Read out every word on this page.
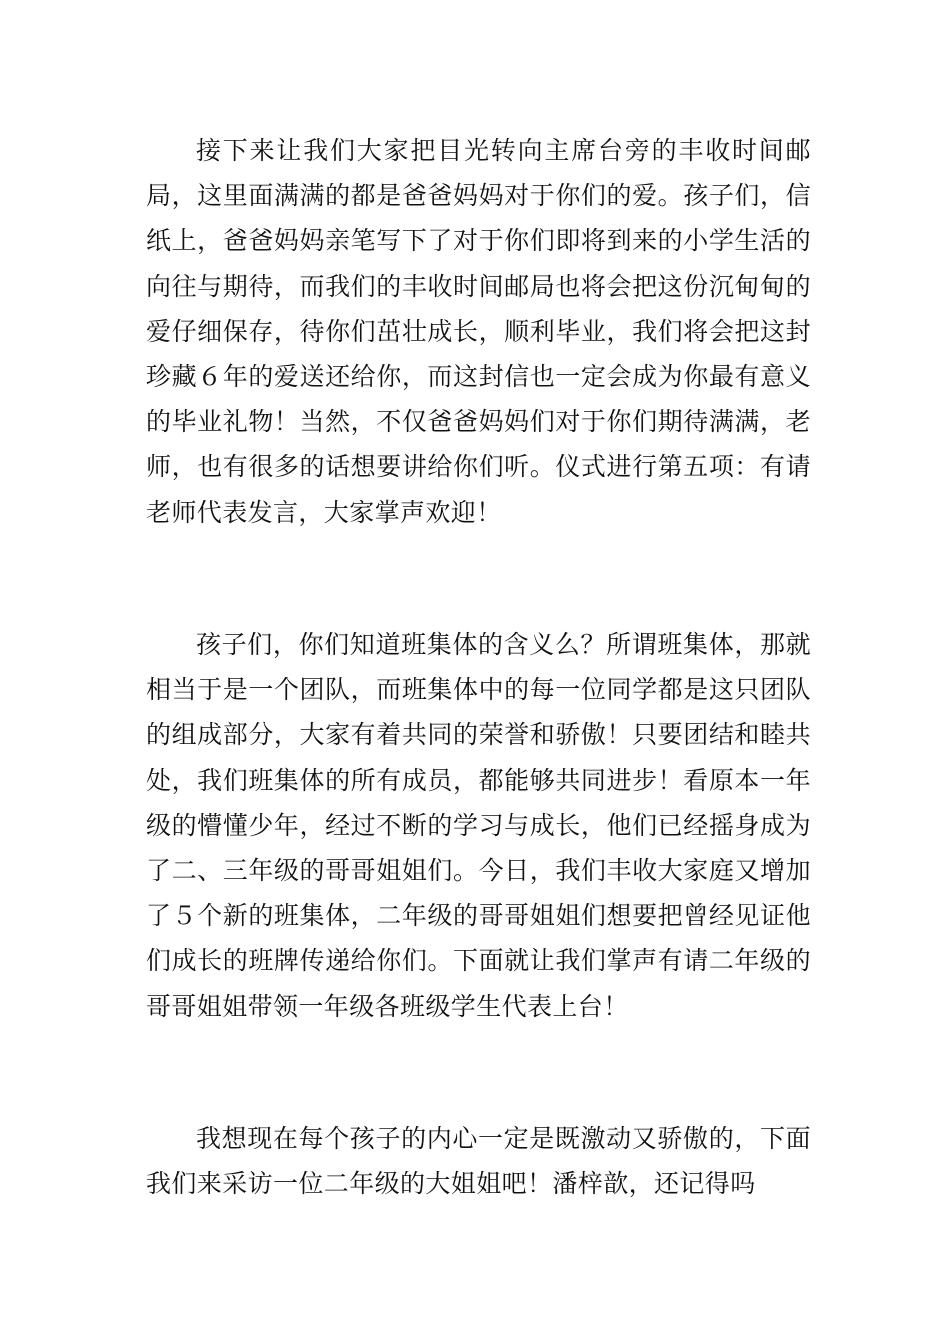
接下来让我们大家把目光转向主席台旁的丰收时间邮局，这里面满满的都是爸爸妈妈对于你们的爱。孩子们，信纸上，爸爸妈妈亲笔写下了对于你们即将到来的小学生活的向往与期待，而我们的丰收时间邮局也将会把这份沉甸甸的爱仔细保存，待你们茁壮成长，顺利毕业，我们将会把这封珍藏６年的爱送还给你，而这封信也一定会成为你最有意义的毕业礼物！当然，不仅爸爸妈妈们对于你们期待满满，老师，也有很多的话想要讲给你们听。仪式进行第五项：有请老师代表发言，大家掌声欢迎！

孩子们，你们知道班集体的含义么？所谓班集体，那就相当于是一个团队，而班集体中的每一位同学都是这只团队的组成部分，大家有着共同的荣誉和骄傲！只要团结和睦共处，我们班集体的所有成员，都能够共同进步！看原本一年级的懵懂少年，经过不断的学习与成长，他们已经摇身成为了二、三年级的哥哥姐姐们。今日，我们丰收大家庭又增加了５个新的班集体，二年级的哥哥姐姐们想要把曾经见证他们成长的班牌传递给你们。下面就让我们掌声有请二年级的哥哥姐姐带领一年级各班级学生代表上台！

我想现在每个孩子的内心一定是既激动又骄傲的，下面我们来采访一位二年级的大姐姐吧！潘梓歆，还记得吗
